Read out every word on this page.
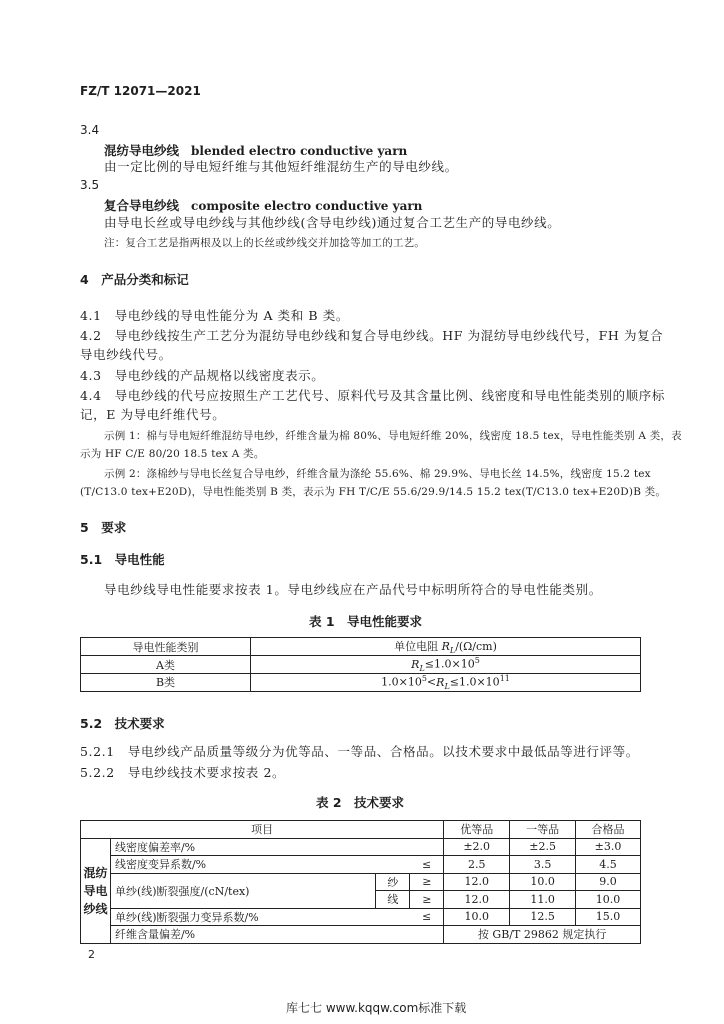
FZ/T 12071—2021
3.4
混纺导电纱线 blended electro conductive yarn
由一定比例的导电短纤维与其他短纤维混纺生产的导电纱线。
3.5
复合导电纱线 composite electro conductive yarn
由导电长丝或导电纱线与其他纱线(含导电纱线)通过复合工艺生产的导电纱线。
注：复合工艺是指两根及以上的长丝或纱线交并加捻等加工的工艺。
4　产品分类和标记
4.1　导电纱线的导电性能分为 A 类和 B 类。
4.2　导电纱线按生产工艺分为混纺导电纱线和复合导电纱线。HF 为混纺导电纱线代号，FH 为复合
导电纱线代号。
4.3　导电纱线的产品规格以线密度表示。
4.4　导电纱线的代号应按照生产工艺代号、原料代号及其含量比例、线密度和导电性能类别的顺序标
记，E 为导电纤维代号。
示例 1：棉与导电短纤维混纺导电纱，纤维含量为棉 80%、导电短纤维 20%，线密度 18.5 tex，导电性能类别 A 类，表
示为 HF C/E 80/20 18.5 tex A 类。
示例 2：涤棉纱与导电长丝复合导电纱，纤维含量为涤纶 55.6%、棉 29.9%、导电长丝 14.5%，线密度 15.2 tex
(T/C13.0 tex+E20D)，导电性能类别 B 类，表示为 FH T/C/E 55.6/29.9/14.5 15.2 tex(T/C13.0 tex+E20D)B 类。
5　要求
5.1　导电性能
导电纱线导电性能要求按表 1。导电纱线应在产品代号中标明所符合的导电性能类别。
表 1　导电性能要求
导电性能类别	单位电阻 $R_L/(\Omega/cm)$
A类	$R_L\le 1.0\times 10^5$
B类	$1.0\times 10^5<R_L\le 1.0\times 10^{11}$
5.2　技术要求
5.2.1　导电纱线产品质量等级分为优等品、一等品、合格品。以技术要求中最低品等进行评等。
5.2.2　导电纱线技术要求按表 2。
表 2　技术要求
项目				优等品	一等品	合格品

混纺
导电
纱线	线密度偏差率/%			±2.0	±2.5	±3.0
	线密度变异系数/%		≤	2.5	3.5	4.5
	单纱(线)断裂强度/(cN/tex)	纱	≥	12.0	10.0	9.0
		线	≥	12.0	11.0	10.0
	单纱(线)断裂强力变异系数/%		≤	10.0	12.5	15.0
	纤维含量偏差/%			按 GB/T 29862 规定执行		
2
库七七 www.kqqw.com标准下载
